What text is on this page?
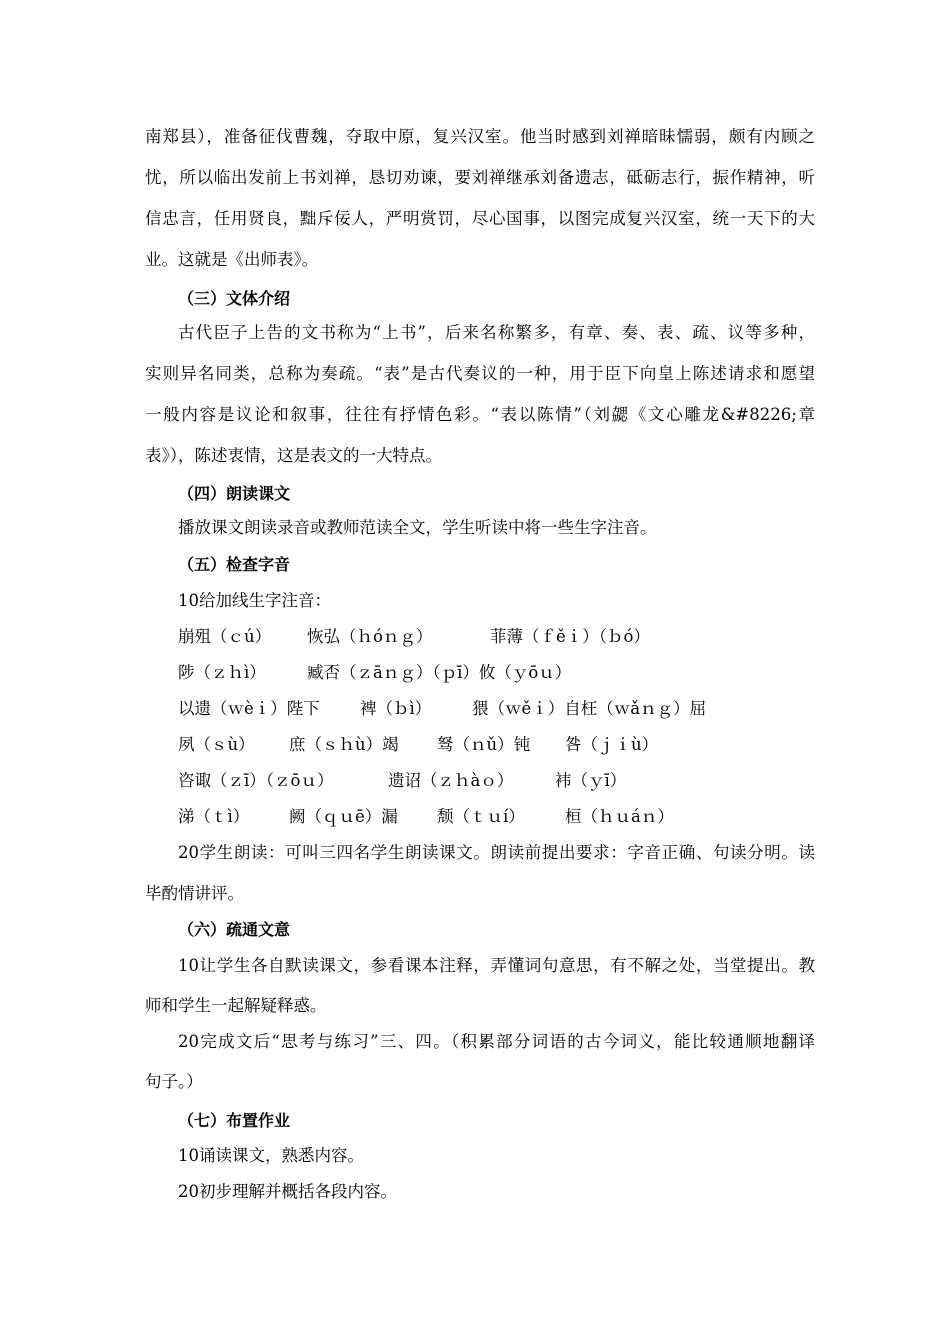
南郑县），准备征伐曹魏，夺取中原，复兴汉室。他当时感到刘禅暗昧懦弱，颇有内顾之
忧，所以临出发前上书刘禅，恳切劝谏，要刘禅继承刘备遗志，砥砺志行，振作精神，听
信忠言，任用贤良，黜斥佞人，严明赏罚，尽心国事，以图完成复兴汉室，统一天下的大
业。这就是《出师表》。
（三）文体介绍
古代臣子上告的文书称为“上书”，后来名称繁多，有章、奏、表、疏、议等多种，
实则异名同类，总称为奏疏。“表”是古代奏议的一种，用于臣下向皇上陈述请求和愿望
一般内容是议论和叙事，往往有抒情色彩。“表以陈情”（刘勰《文心雕龙&#8226;章
表》），陈述衷情，这是表文的一大特点。
（四）朗读课文
播放课文朗读录音或教师范读全文，学生听读中将一些生字注音。
（五）检查字音
10给加线生字注音：
崩殂（ｃú） 恢弘（ｈóｎｇ）	菲薄（ｆěｉ）（ｂó）
陟（ｚｈì） 臧否（ｚāｎｇ）（ｐī）攸（ｙōｕ）
以遗（ｗèｉ）陛下 裨（ｂì） 猥（ｗěｉ）自枉（ｗǎｎｇ）屈
夙（ｓù） 庶（ｓｈù）竭 驽（ｎǔ）钝 咎（ｊｉù）
咨诹（ｚī）（ｚōｕ）	遗诏（ｚｈàｏ）	袆（ｙī）
涕（ｔì） 阙（ｑｕē）漏 颓（ｔｕí） 桓（ｈｕáｎ）
20学生朗读：可叫三四名学生朗读课文。朗读前提出要求：字音正确、句读分明。读
毕酌情讲评。
（六）疏通文意
10让学生各自默读课文，参看课本注释，弄懂词句意思，有不解之处，当堂提出。教
师和学生一起解疑释惑。
20完成文后“思考与练习”三、四。（积累部分词语的古今词义，能比较通顺地翻译
句子。）
（七）布置作业
10诵读课文，熟悉内容。
20初步理解并概括各段内容。
